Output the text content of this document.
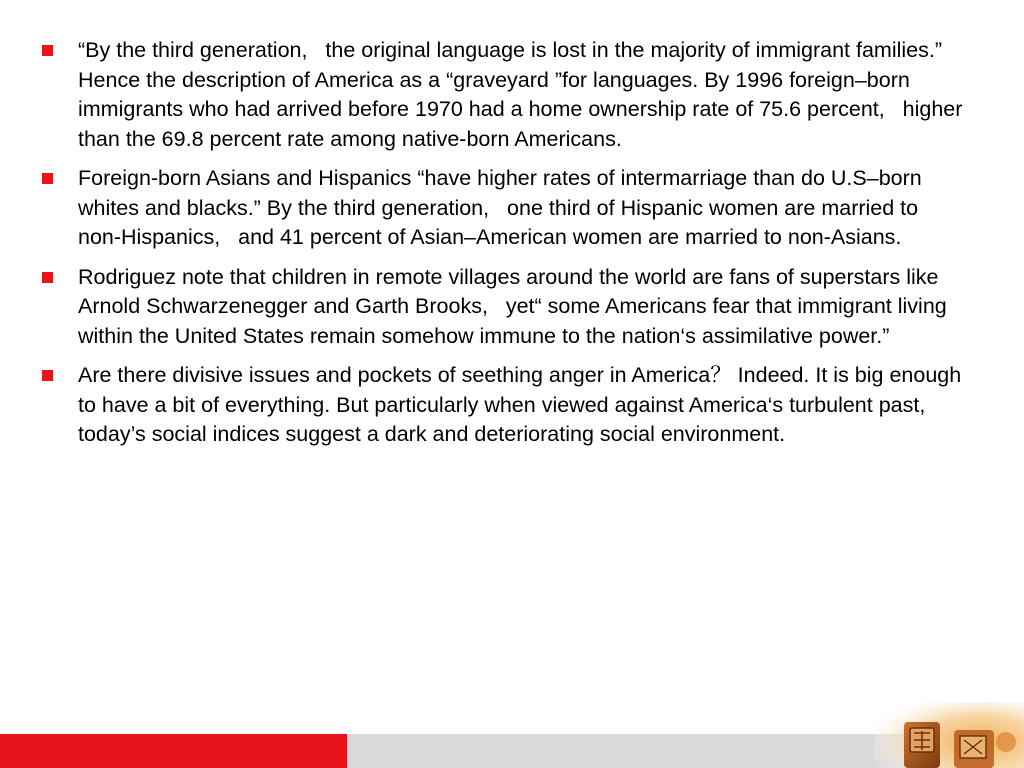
“By the third generation,   the original language is lost in the majority of immigrant families.” Hence the description of America as a “graveyard ”for languages. By 1996 foreign–born immigrants who had arrived before 1970 had a home ownership rate of 75.6 percent,   higher than the 69.8 percent rate among native-born Americans.
Foreign-born Asians and Hispanics “have higher rates of intermarriage than do U.S–born whites and blacks.” By the third generation,   one third of Hispanic women are married to non-Hispanics,   and 41 percent of Asian–American women are married to non-Asians.
Rodriguez note that children in remote villages around the world are fans of superstars like Arnold Schwarzenegger and Garth Brooks,   yet“ some Americans fear that immigrant living within the United States remain somehow immune to the nation‘s assimilative power.”
Are there divisive issues and pockets of seething anger in America？ Indeed. It is big enough to have a bit of everything. But particularly when viewed against America‘s turbulent past,   today’s social indices suggest a dark and deteriorating social environment.
